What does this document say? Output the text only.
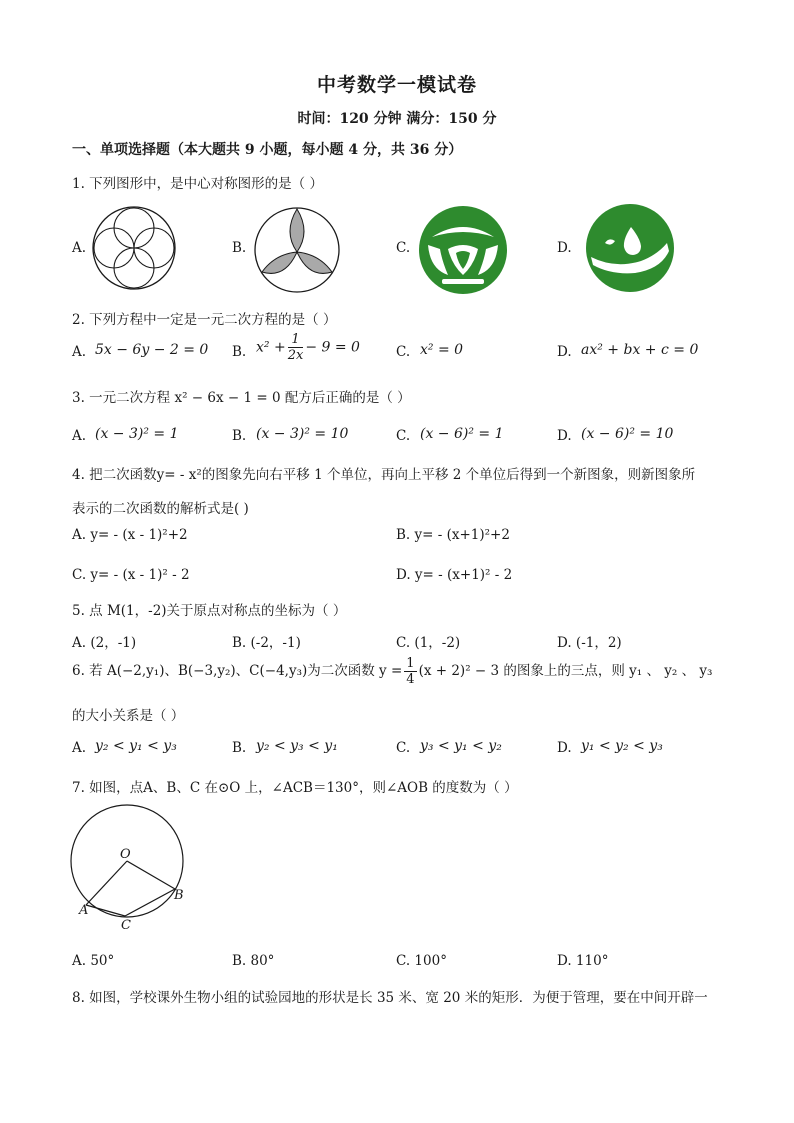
中考数学一模试卷
时间：120 分钟 满分：150 分
一、单项选择题（本大题共 9 小题，每小题 4 分，共 36 分）
1. 下列图形中，是中心对称图形的是（ ）
A.	B.	C.	D.
2. 下列方程中一定是一元二次方程的是（ ）
A. 5x − 6y − 2 = 0 B. $x^2 + \frac{1}{2x} - 9 = 0$	C. x² = 0	D. ax² + bx + c = 0
3. 一元二次方程 x² − 6x − 1 = 0 配方后正确的是（ ）
A. (x − 3)² = 1	B. (x − 3)² = 10	C. (x − 6)² = 1	D. (x − 6)² = 10
4. 把二次函数y= - x²的图象先向右平移 1 个单位，再向上平移 2 个单位后得到一个新图象，则新图象所
表示的二次函数的解析式是( )
A. y= - (x - 1)²+2	B. y= - (x+1)²+2
C. y= - (x - 1)² - 2	D. y= - (x+1)² - 2
5. 点 M(1，-2)关于原点对称点的坐标为（ ）
A. (2，-1)	B. (-2，-1)	C. (1，-2)	D. (-1，2)
6. 若 A(−2,y₁)、B(−3,y₂)、C(−4,y₃)为二次函数 $y = \frac{1}{4} (x + 2)^2 - 3$ 的图象上的三点，则 y₁ 、 y₂ 、 y₃
的大小关系是（ ）
A. y₂ < y₁ < y₃	B. y₂ < y₃ < y₁	C. y₃ < y₁ < y₂	D. y₁ < y₂ < y₃
7. 如图，点A、B、C 在⊙O 上，∠ACB＝130°，则∠AOB 的度数为（ ）
O
A
B
C
A. 50°	B. 80°	C. 100°	D. 110°
8. 如图，学校课外生物小组的试验园地的形状是长 35 米、宽 20 米的矩形．为便于管理，要在中间开辟一
